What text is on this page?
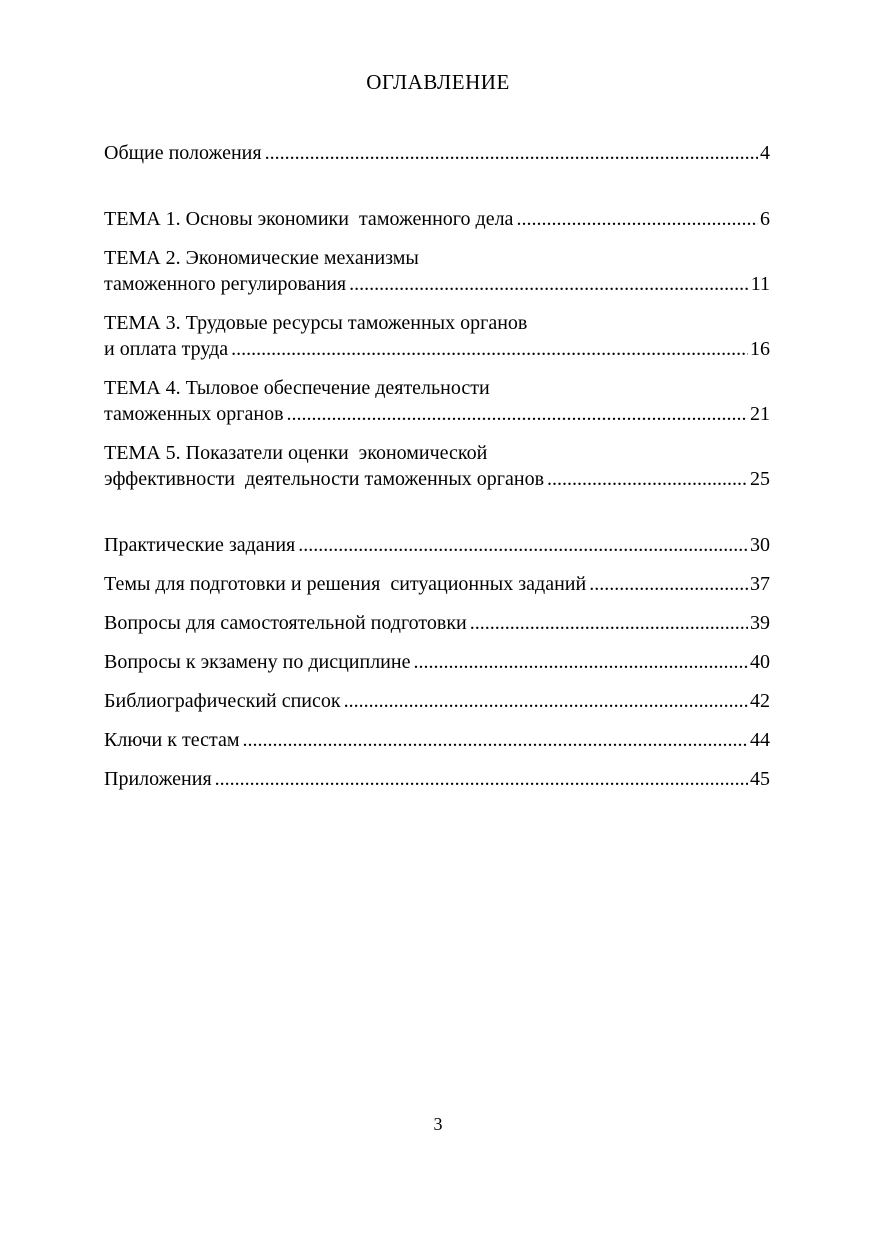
ОГЛАВЛЕНИЕ
Общие положения .....	4
ТЕМА 1. Основы экономики  таможенного дела .....	6
ТЕМА 2. Экономические механизмы
таможенного регулирования .....	11
ТЕМА 3. Трудовые ресурсы таможенных органов
и оплата труда .....	16
ТЕМА 4. Тыловое обеспечение деятельности
таможенных органов .....	21
ТЕМА 5. Показатели оценки  экономической
эффективности  деятельности таможенных органов .....	25
Практические задания .....	30
Темы для подготовки и решения  ситуационных заданий .....	37
Вопросы для самостоятельной подготовки .....	39
Вопросы к экзамену по дисциплине .....	40
Библиографический список .....	42
Ключи к тестам .....	44
Приложения .....	45
3
